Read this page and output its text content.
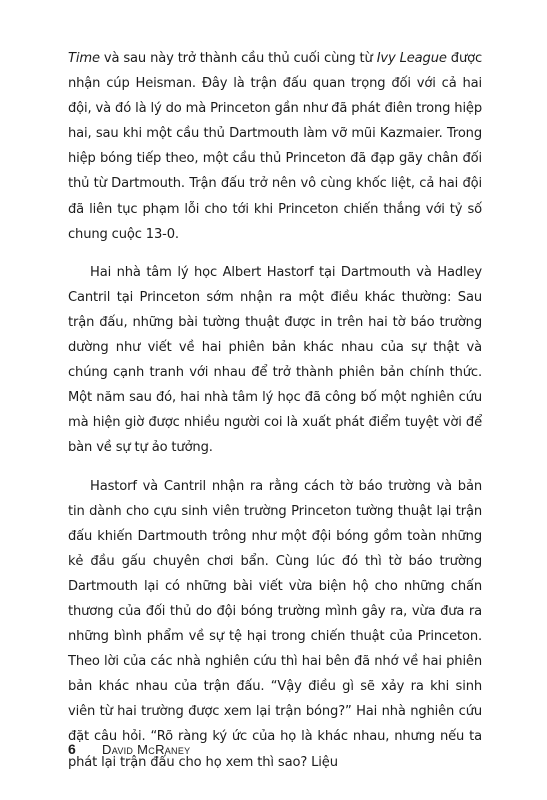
Time và sau này trở thành cầu thủ cuối cùng từ Ivy League được nhận cúp Heisman. Đây là trận đấu quan trọng đối với cả hai đội, và đó là lý do mà Princeton gần như đã phát điên trong hiệp hai, sau khi một cầu thủ Dartmouth làm vỡ mũi Kazmaier. Trong hiệp bóng tiếp theo, một cầu thủ Princeton đã đạp gãy chân đối thủ từ Dartmouth. Trận đấu trở nên vô cùng khốc liệt, cả hai đội đã liên tục phạm lỗi cho tới khi Princeton chiến thắng với tỷ số chung cuộc 13-0.

Hai nhà tâm lý học Albert Hastorf tại Dartmouth và Hadley Cantril tại Princeton sớm nhận ra một điều khác thường: Sau trận đấu, những bài tường thuật được in trên hai tờ báo trường dường như viết về hai phiên bản khác nhau của sự thật và chúng cạnh tranh với nhau để trở thành phiên bản chính thức. Một năm sau đó, hai nhà tâm lý học đã công bố một nghiên cứu mà hiện giờ được nhiều người coi là xuất phát điểm tuyệt vời để bàn về sự tự ảo tưởng.

Hastorf và Cantril nhận ra rằng cách tờ báo trường và bản tin dành cho cựu sinh viên trường Princeton tường thuật lại trận đấu khiến Dartmouth trông như một đội bóng gồm toàn những kẻ đầu gấu chuyên chơi bẩn. Cùng lúc đó thì tờ báo trường Dartmouth lại có những bài viết vừa biện hộ cho những chấn thương của đối thủ do đội bóng trường mình gây ra, vừa đưa ra những bình phẩm về sự tệ hại trong chiến thuật của Princeton. Theo lời của các nhà nghiên cứu thì hai bên đã nhớ về hai phiên bản khác nhau của trận đấu. “Vậy điều gì sẽ xảy ra khi sinh viên từ hai trường được xem lại trận bóng?” Hai nhà nghiên cứu đặt câu hỏi. “Rõ ràng ký ức của họ là khác nhau, nhưng nếu ta phát lại trận đấu cho họ xem thì sao? Liệu

6	David McRaney
